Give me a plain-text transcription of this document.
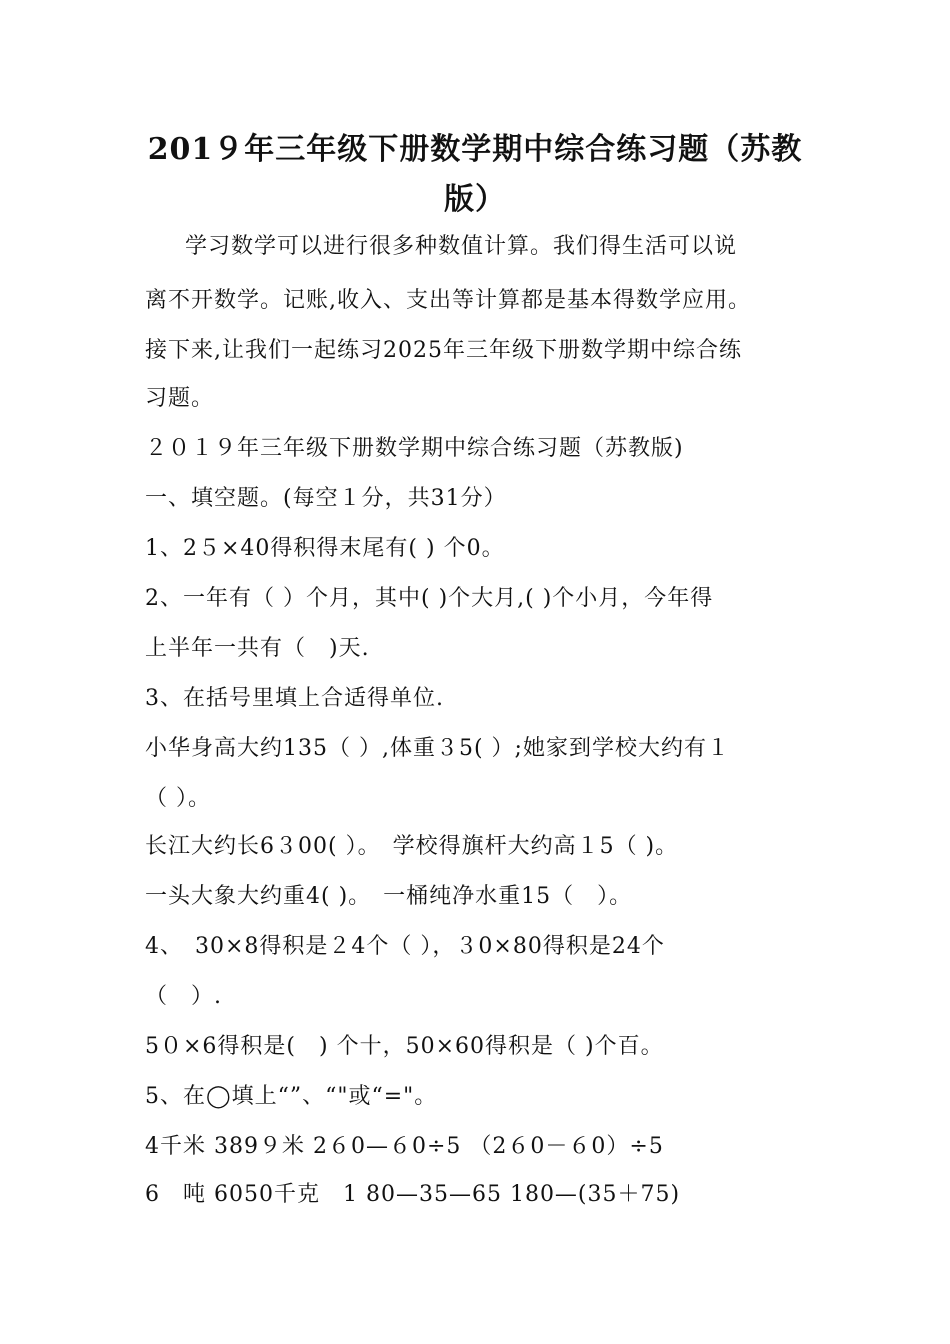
201９年三年级下册数学期中综合练习题（苏教
版）
学习数学可以进行很多种数值计算。我们得生活可以说
离不开数学。记账,收入、支出等计算都是基本得数学应用。
接下来,让我们一起练习2025年三年级下册数学期中综合练
习题。
２０１９年三年级下册数学期中综合练习题（苏教版)
一、填空题。(每空１分，共31分）
1、2５×40得积得末尾有( ) 个0。
2、一年有（ ）个月，其中( )个大月,( )个小月，今年得
上半年一共有（　)天.
3、在括号里填上合适得单位.
小华身高大约135（ ）,体重３5( ）;她家到学校大约有１
（ ）。
长江大约长6３00( ）。　学校得旗杆大约高１5（ )。
一头大象大约重4( )。　一桶纯净水重15（　）。
4、　30×8得积是２4个（ ），３0×80得积是24个
（　）.
5０×6得积是(　) 个十，50×60得积是（ )个百。
5、在◯填上“”、“"或“="。
4千米 389９米 2６0—６0÷5 （2６0－６0）÷5
6　吨 6050千克　1 80—35—65 180—(35＋75)
